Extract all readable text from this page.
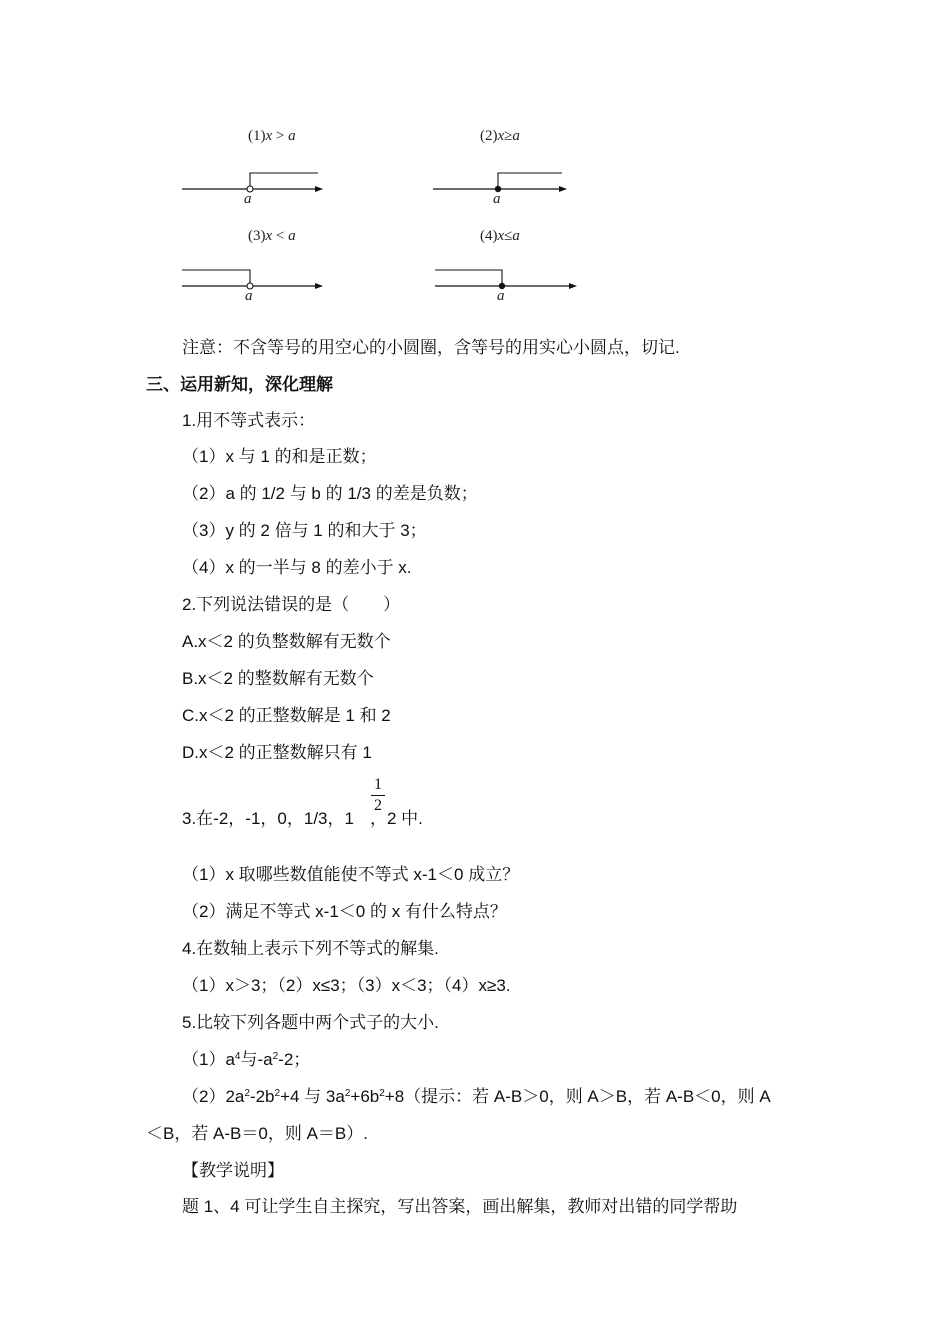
(1)x > a
a
(2)x≥a
a
(3)x < a
a
(4)x≤a
a
注意：不含等号的用空心的小圆圈，含等号的用实心小圆点，切记.
三、运用新知，深化理解
1.用不等式表示：
（1）x 与 1 的和是正数；
（2）a 的 1/2 与 b 的 1/3 的差是负数；
（3）y 的 2 倍与 1 的和大于 3；
（4）x 的一半与 8 的差小于 x.
2.下列说法错误的是（　　）
A.x＜2 的负整数解有无数个
B.x＜2 的整数解有无数个
C.x＜2 的正整数解是 1 和 2
D.x＜2 的正整数解只有 1
3.在-2，-1，0，1/3，1 ，2 中.
1
2
（1）x 取哪些数值能使不等式 x-1＜0 成立？
（2）满足不等式 x-1＜0 的 x 有什么特点？
4.在数轴上表示下列不等式的解集.
（1）x＞3；（2）x≤3；（3）x＜3；（4）x≥3.
5.比较下列各题中两个式子的大小.
$(1)a^4$与$-a^2-2$；
$(2)2a^2-2b^2+4$ 与 $3a^2+6b^2+8$（提示：若 A-B＞0，则 A＞B，若 A-B＜0，则 A
＜B，若 A-B＝0，则 A＝B）.
【教学说明】
题 1、4 可让学生自主探究，写出答案，画出解集，教师对出错的同学帮助
